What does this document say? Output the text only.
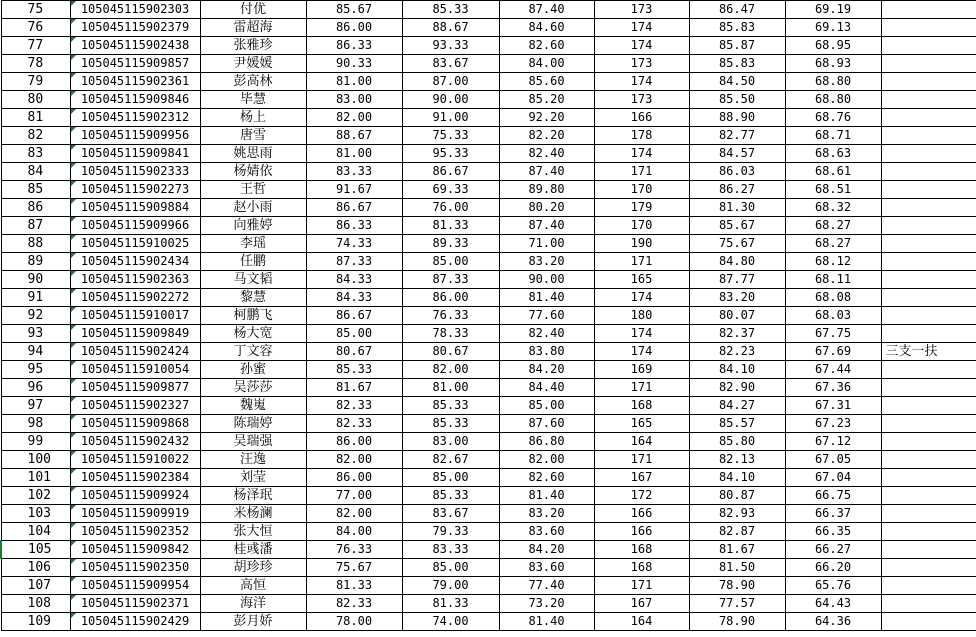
75	105045115902303	付优	85.67	85.33	87.40	173	86.47	69.19	
76	105045115902379	雷超海	86.00	88.67	84.60	174	85.83	69.13	
77	105045115902438	张雅珍	86.33	93.33	82.60	174	85.87	68.95	
78	105045115909857	尹媛媛	90.33	83.67	84.00	173	85.83	68.93	
79	105045115902361	彭高林	81.00	87.00	85.60	174	84.50	68.80	
80	105045115909846	毕慧	83.00	90.00	85.20	173	85.50	68.80	
81	105045115902312	杨上	82.00	91.00	92.20	166	88.90	68.76	
82	105045115909956	唐雪	88.67	75.33	82.20	178	82.77	68.71	
83	105045115909841	姚思雨	81.00	95.33	82.40	174	84.57	68.63	
84	105045115902333	杨婧依	83.33	86.67	87.40	171	86.03	68.61	
85	105045115902273	王哲	91.67	69.33	89.80	170	86.27	68.51	
86	105045115909884	赵小雨	86.67	76.00	80.20	179	81.30	68.32	
87	105045115909966	向雅婷	86.33	81.33	87.40	170	85.67	68.27	
88	105045115910025	李瑶	74.33	89.33	71.00	190	75.67	68.27	
89	105045115902434	任鹏	87.33	85.00	83.20	171	84.80	68.12	
90	105045115902363	马文韬	84.33	87.33	90.00	165	87.77	68.11	
91	105045115902272	黎慧	84.33	86.00	81.40	174	83.20	68.08	
92	105045115910017	柯鹏飞	86.67	76.33	77.60	180	80.07	68.03	
93	105045115909849	杨大宽	85.00	78.33	82.40	174	82.37	67.75	
94	105045115902424	丁文容	80.67	80.67	83.80	174	82.23	67.69	三支一扶
95	105045115910054	孙蜜	85.33	82.00	84.20	169	84.10	67.44	
96	105045115909877	吴莎莎	81.67	81.00	84.40	171	82.90	67.36	
97	105045115902327	魏嵬	82.33	85.33	85.00	168	84.27	67.31	
98	105045115909868	陈瑞婷	82.33	85.33	87.60	165	85.57	67.23	
99	105045115902432	吴瑞强	86.00	83.00	86.80	164	85.80	67.12	
100	105045115910022	汪逸	82.00	82.67	82.00	171	82.13	67.05	
101	105045115902384	刘莹	86.00	85.00	82.60	167	84.10	67.04	
102	105045115909924	杨泽珉	77.00	85.33	81.40	172	80.87	66.75	
103	105045115909919	米杨澜	82.00	83.67	83.20	166	82.93	66.37	
104	105045115902352	张大恒	84.00	79.33	83.60	166	82.87	66.35	
105	105045115909842	桂彧潘	76.33	83.33	84.20	168	81.67	66.27	
106	105045115902350	胡珍珍	75.67	85.00	83.60	168	81.50	66.20	
107	105045115909954	高恒	81.33	79.00	77.40	171	78.90	65.76	
108	105045115902371	海洋	82.33	81.33	73.20	167	77.57	64.43	
109	105045115902429	彭月娇	78.00	74.00	81.40	164	78.90	64.36	
